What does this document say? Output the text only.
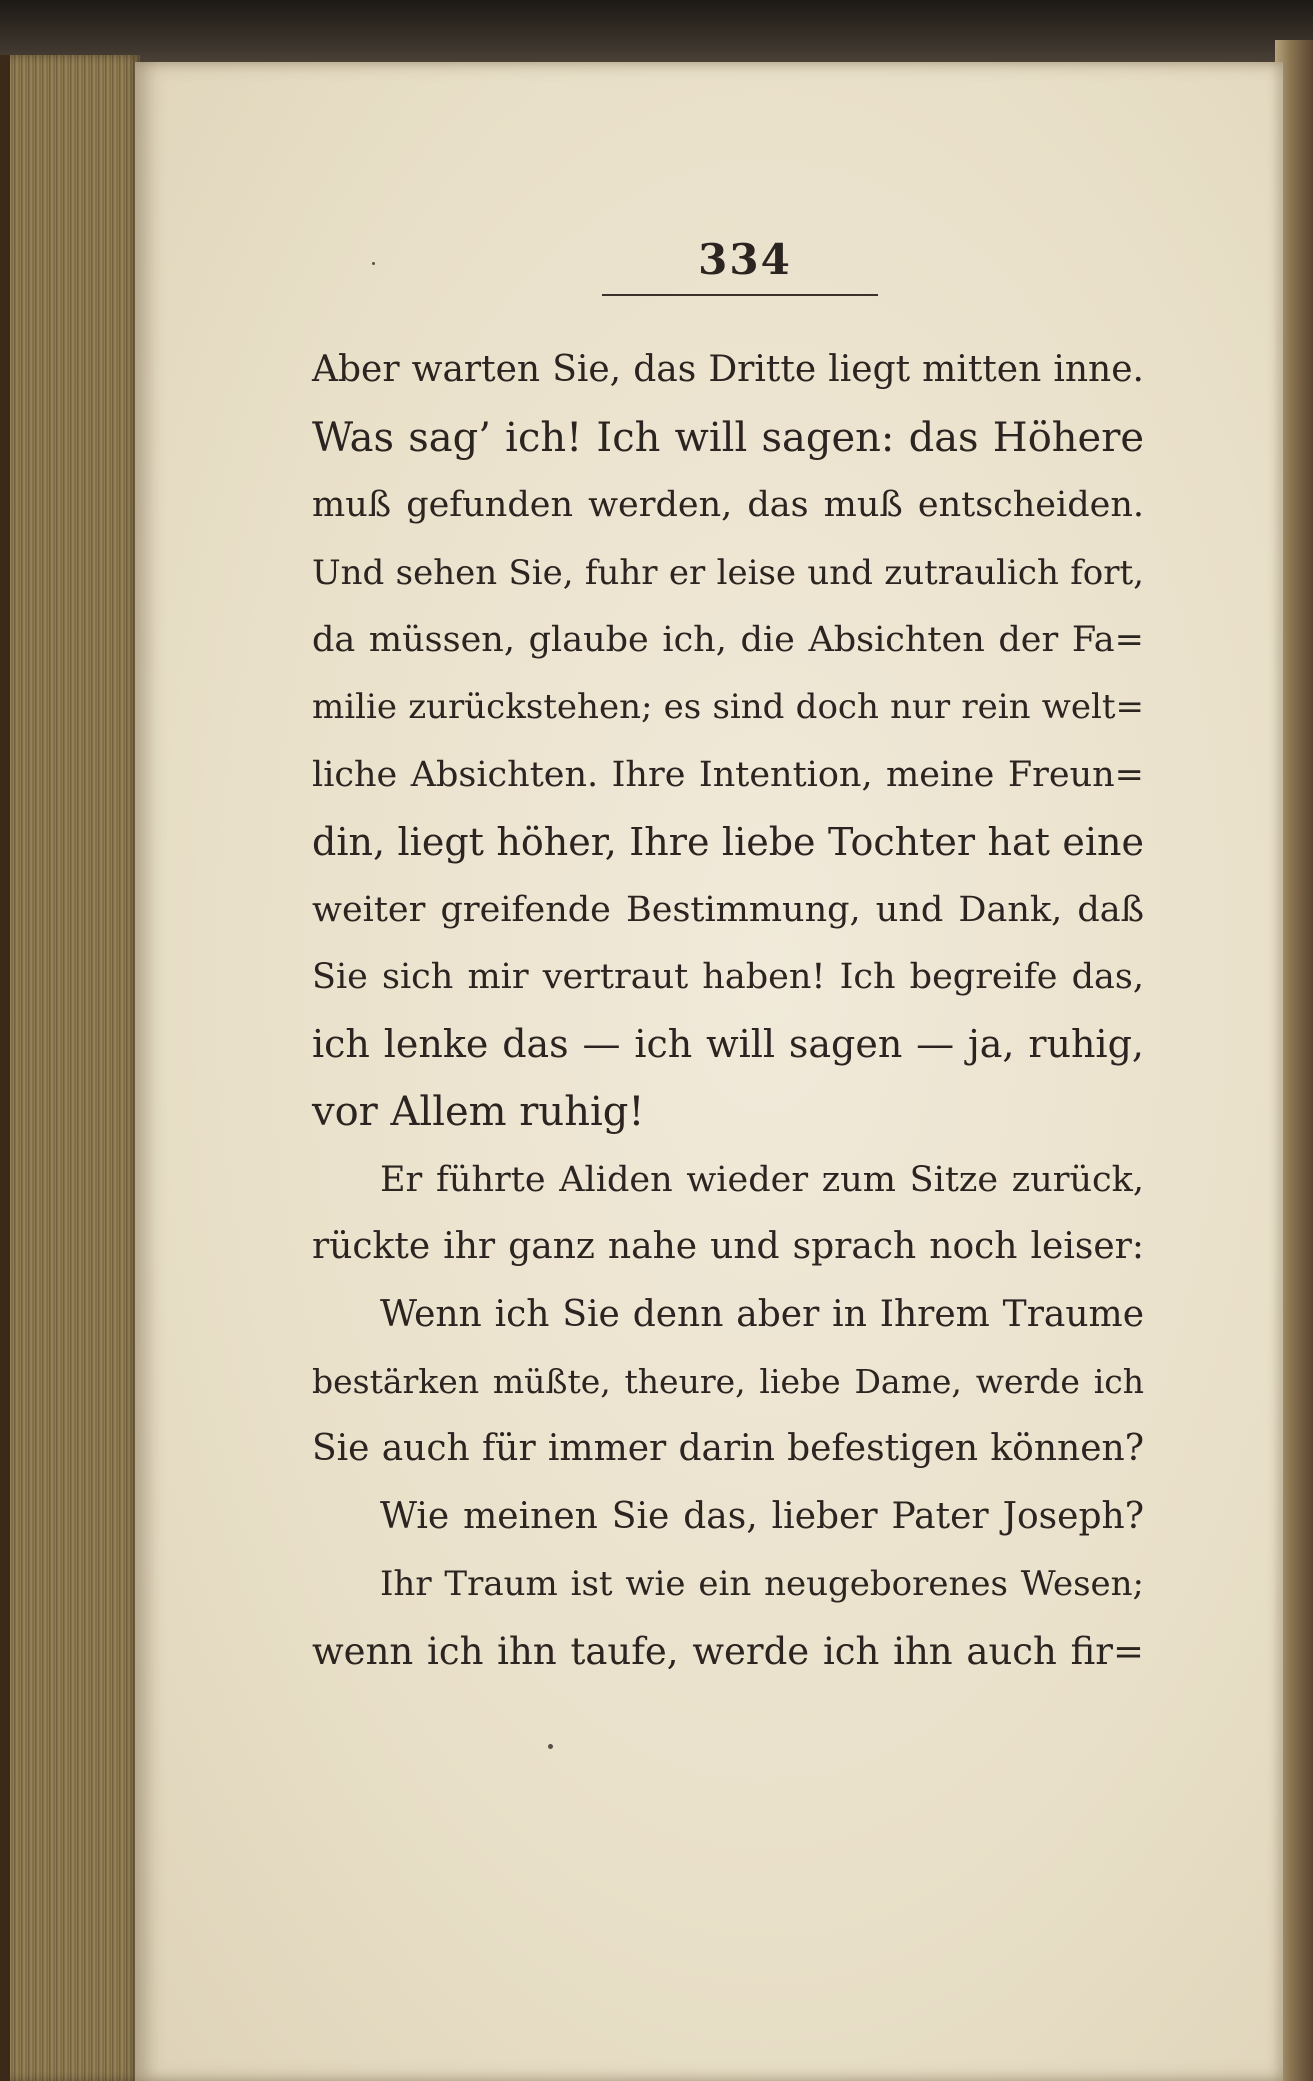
334
Aber warten Sie, das Dritte liegt mitten inne.
Was sag’ ich! Ich will sagen: das Höhere
muß gefunden werden, das muß entscheiden.
Und sehen Sie, fuhr er leise und zutraulich fort,
da müssen, glaube ich, die Absichten der Fa=
milie zurückstehen; es sind doch nur rein welt=
liche Absichten. Ihre Intention, meine Freun=
din, liegt höher, Ihre liebe Tochter hat eine
weiter greifende Bestimmung, und Dank, daß
Sie sich mir vertraut haben! Ich begreife das,
ich lenke das — ich will sagen — ja, ruhig,
vor Allem ruhig!
Er führte Aliden wieder zum Sitze zurück,
rückte ihr ganz nahe und sprach noch leiser:
Wenn ich Sie denn aber in Ihrem Traume
bestärken müßte, theure, liebe Dame, werde ich
Sie auch für immer darin befestigen können?
Wie meinen Sie das, lieber Pater Joseph?
Ihr Traum ist wie ein neugeborenes Wesen;
wenn ich ihn taufe, werde ich ihn auch fir=
